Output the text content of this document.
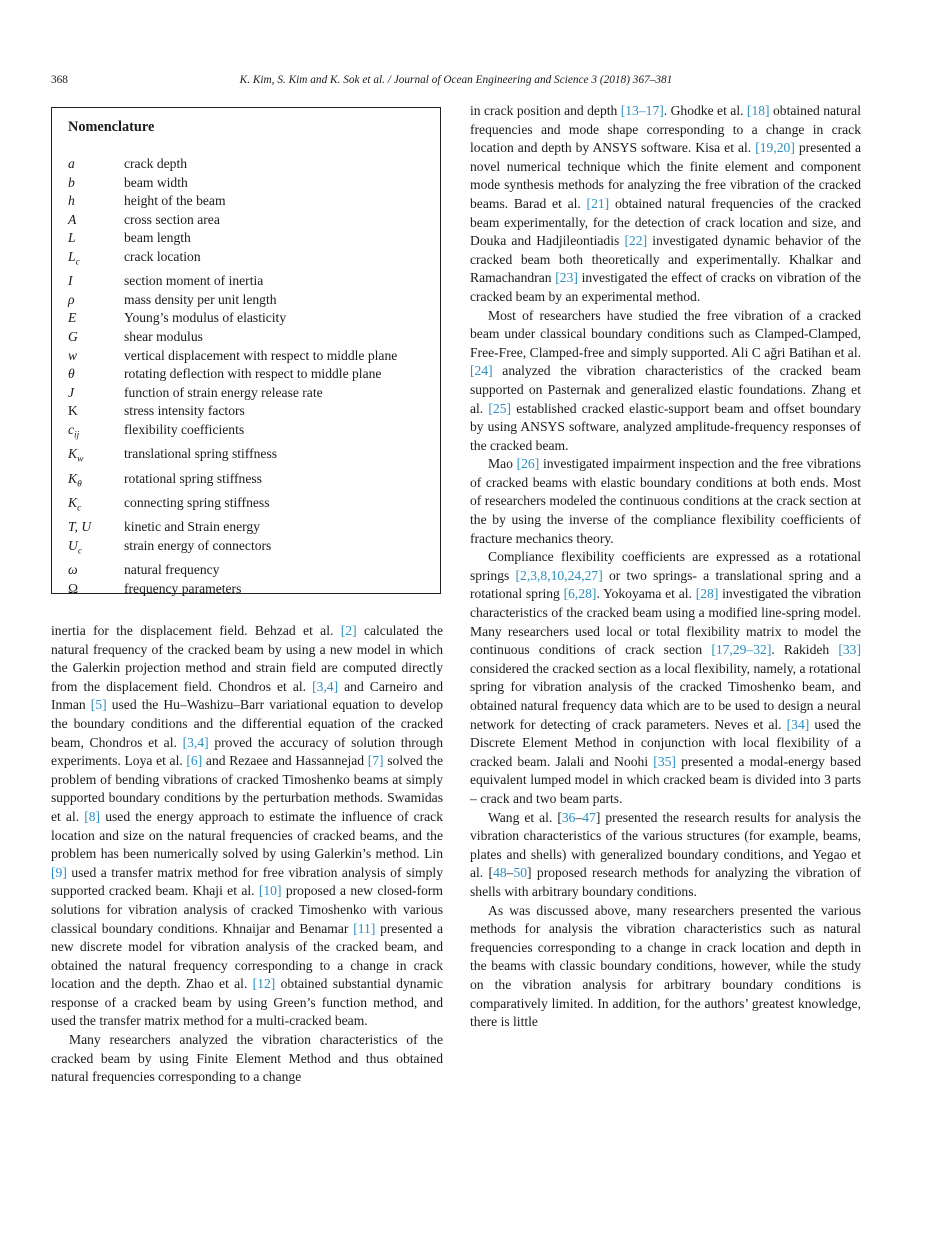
368	K. Kim, S. Kim and K. Sok et al. / Journal of Ocean Engineering and Science 3 (2018) 367–381
Nomenclature
a	crack depth
b	beam width
h	height of the beam
A	cross section area
L	beam length
$L_c$	crack location
I	section moment of inertia
ρ	mass density per unit length
E	Young’s modulus of elasticity
G	shear modulus
w	vertical displacement with respect to middle plane
θ	rotating deflection with respect to middle plane
J	function of strain energy release rate
K	stress intensity factors
$c_{ij}$	flexibility coefficients
$K_w$	translational spring stiffness
$K_\theta$	rotational spring stiffness
$K_c$	connecting spring stiffness
T, U	kinetic and Strain energy
$U_c$	strain energy of connectors
ω	natural frequency
Ω	frequency parameters

inertia for the displacement field. Behzad et al. [2] calculated the natural frequency of the cracked beam by using a new model in which the Galerkin projection method and strain field are computed directly from the displacement field. Chondros et al. [3,4] and Carneiro and Inman [5] used the Hu–Washizu–Barr variational equation to develop the boundary conditions and the differential equation of the cracked beam, Chondros et al. [3,4] proved the accuracy of solution through experiments. Loya et al. [6] and Rezaee and Hassannejad [7] solved the problem of bending vibrations of cracked Timoshenko beams at simply supported boundary conditions by the perturbation methods. Swamidas et al. [8] used the energy approach to estimate the influence of crack location and size on the natural frequencies of cracked beams, and the problem has been numerically solved by using Galerkin’s method. Lin [9] used a transfer matrix method for free vibration analysis of simply supported cracked beam. Khaji et al. [10] proposed a new closed-form solutions for vibration analysis of cracked Timoshenko with various classical boundary conditions. Khnaijar and Benamar [11] presented a new discrete model for vibration analysis of the cracked beam, and obtained the natural frequency corresponding to a change in crack location and the depth. Zhao et al. [12] obtained substantial dynamic response of a cracked beam by using Green’s function method, and used the transfer matrix method for a multi-cracked beam.

Many researchers analyzed the vibration characteristics of the cracked beam by using Finite Element Method and thus obtained natural frequencies corresponding to a change

in crack position and depth [13–17]. Ghodke et al. [18] obtained natural frequencies and mode shape corresponding to a change in crack location and depth by ANSYS software. Kisa et al. [19,20] presented a novel numerical technique which the finite element and component mode synthesis methods for analyzing the free vibration of the cracked beams. Barad et al. [21] obtained natural frequencies of the cracked beam experimentally, for the detection of crack location and size, and Douka and Hadjileontiadis [22] investigated dynamic behavior of the cracked beam both theoretically and experimentally. Khalkar and Ramachandran [23] investigated the effect of cracks on vibration of the cracked beam by an experimental method.

Most of researchers have studied the free vibration of a cracked beam under classical boundary conditions such as Clamped-Clamped, Free-Free, Clamped-free and simply supported. Ali C ağri Batihan et al. [24] analyzed the vibration characteristics of the cracked beam supported on Pasternak and generalized elastic foundations. Zhang et al. [25] established cracked elastic-support beam and offset boundary by using ANSYS software, analyzed amplitude-frequency responses of the cracked beam.

Mao [26] investigated impairment inspection and the free vibrations of cracked beams with elastic boundary conditions at both ends. Most of researchers modeled the continuous conditions at the crack section at the by using the inverse of the compliance flexibility coefficients of fracture mechanics theory.

Compliance flexibility coefficients are expressed as a rotational springs [2,3,8,10,24,27] or two springs- a translational spring and a rotational spring [6,28]. Yokoyama et al. [28] investigated the vibration characteristics of the cracked beam using a modified line-spring model. Many researchers used local or total flexibility matrix to model the continuous conditions of crack section [17,29–32]. Rakideh [33] considered the cracked section as a local flexibility, namely, a rotational spring for vibration analysis of the cracked Timoshenko beam, and obtained natural frequency data which are to be used to design a neural network for detecting of crack parameters. Neves et al. [34] used the Discrete Element Method in conjunction with local flexibility of a cracked beam. Jalali and Noohi [35] presented a modal-energy based equivalent lumped model in which cracked beam is divided into 3 parts – crack and two beam parts.

Wang et al. [36–47] presented the research results for analysis the vibration characteristics of the various structures (for example, beams, plates and shells) with generalized boundary conditions, and Yegao et al. [48–50] proposed research methods for analyzing the vibration of shells with arbitrary boundary conditions.

As was discussed above, many researchers presented the various methods for analysis the vibration characteristics such as natural frequencies corresponding to a change in crack location and depth in the beams with classic boundary conditions, however, while the study on the vibration analysis for arbitrary boundary conditions is comparatively limited. In addition, for the authors’ greatest knowledge, there is little
